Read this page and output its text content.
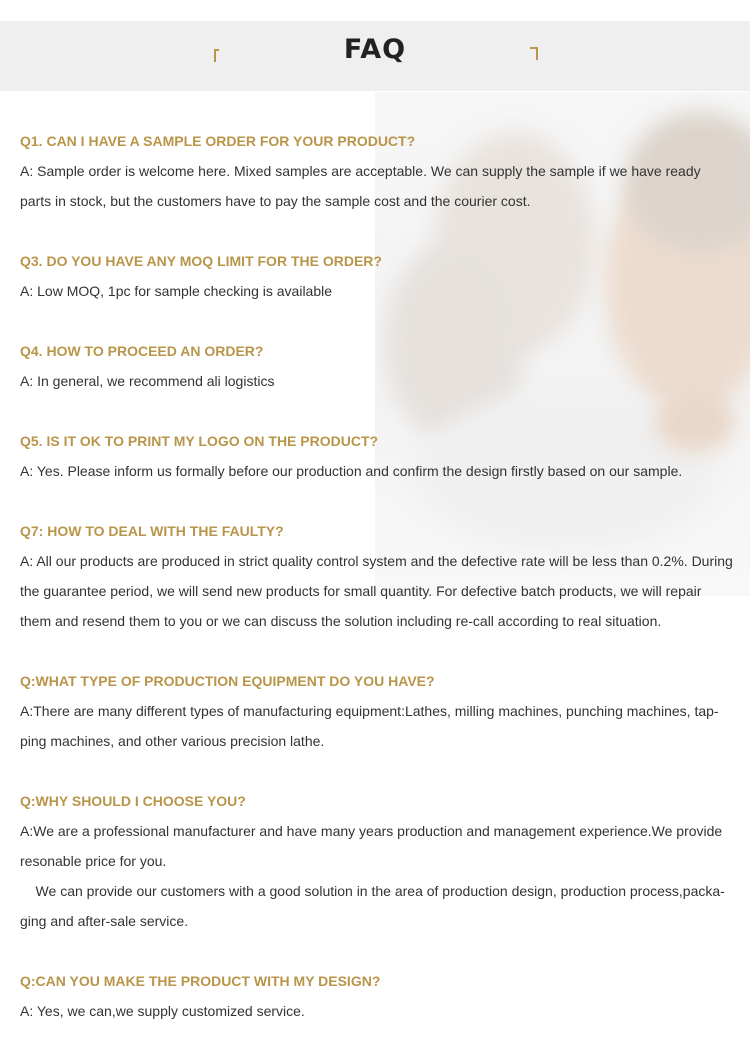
FAQ
Q1. CAN I HAVE A SAMPLE ORDER FOR YOUR PRODUCT?
A: Sample order is welcome here. Mixed samples are acceptable. We can supply the sample if we have ready
parts in stock, but the customers have to pay the sample cost and the courier cost.
Q3. DO YOU HAVE ANY MOQ LIMIT FOR THE ORDER?
A: Low MOQ, 1pc for sample checking is available
Q4. HOW TO PROCEED AN ORDER?
A: In general, we recommend ali logistics
Q5. IS IT OK TO PRINT MY LOGO ON THE PRODUCT?
A: Yes. Please inform us formally before our production and confirm the design firstly based on our sample.
Q7: HOW TO DEAL WITH THE FAULTY?
A: All our products are produced in strict quality control system and the defective rate will be less than 0.2%. During
the guarantee period, we will send new products for small quantity. For defective batch products, we will repair
them and resend them to you or we can discuss the solution including re-call according to real situation.
Q:WHAT TYPE OF PRODUCTION EQUIPMENT DO YOU HAVE?
A:There are many different types of manufacturing equipment:Lathes, milling machines, punching machines, tap-
ping machines, and other various precision lathe.
Q:WHY SHOULD I CHOOSE YOU?
A:We are a professional manufacturer and have many years production and management experience.We provide
resonable price for you.
We can provide our customers with a good solution in the area of production design, production process,packa-
ging and after-sale service.
Q:CAN YOU MAKE THE PRODUCT WITH MY DESIGN?
A: Yes, we can,we supply customized service.
